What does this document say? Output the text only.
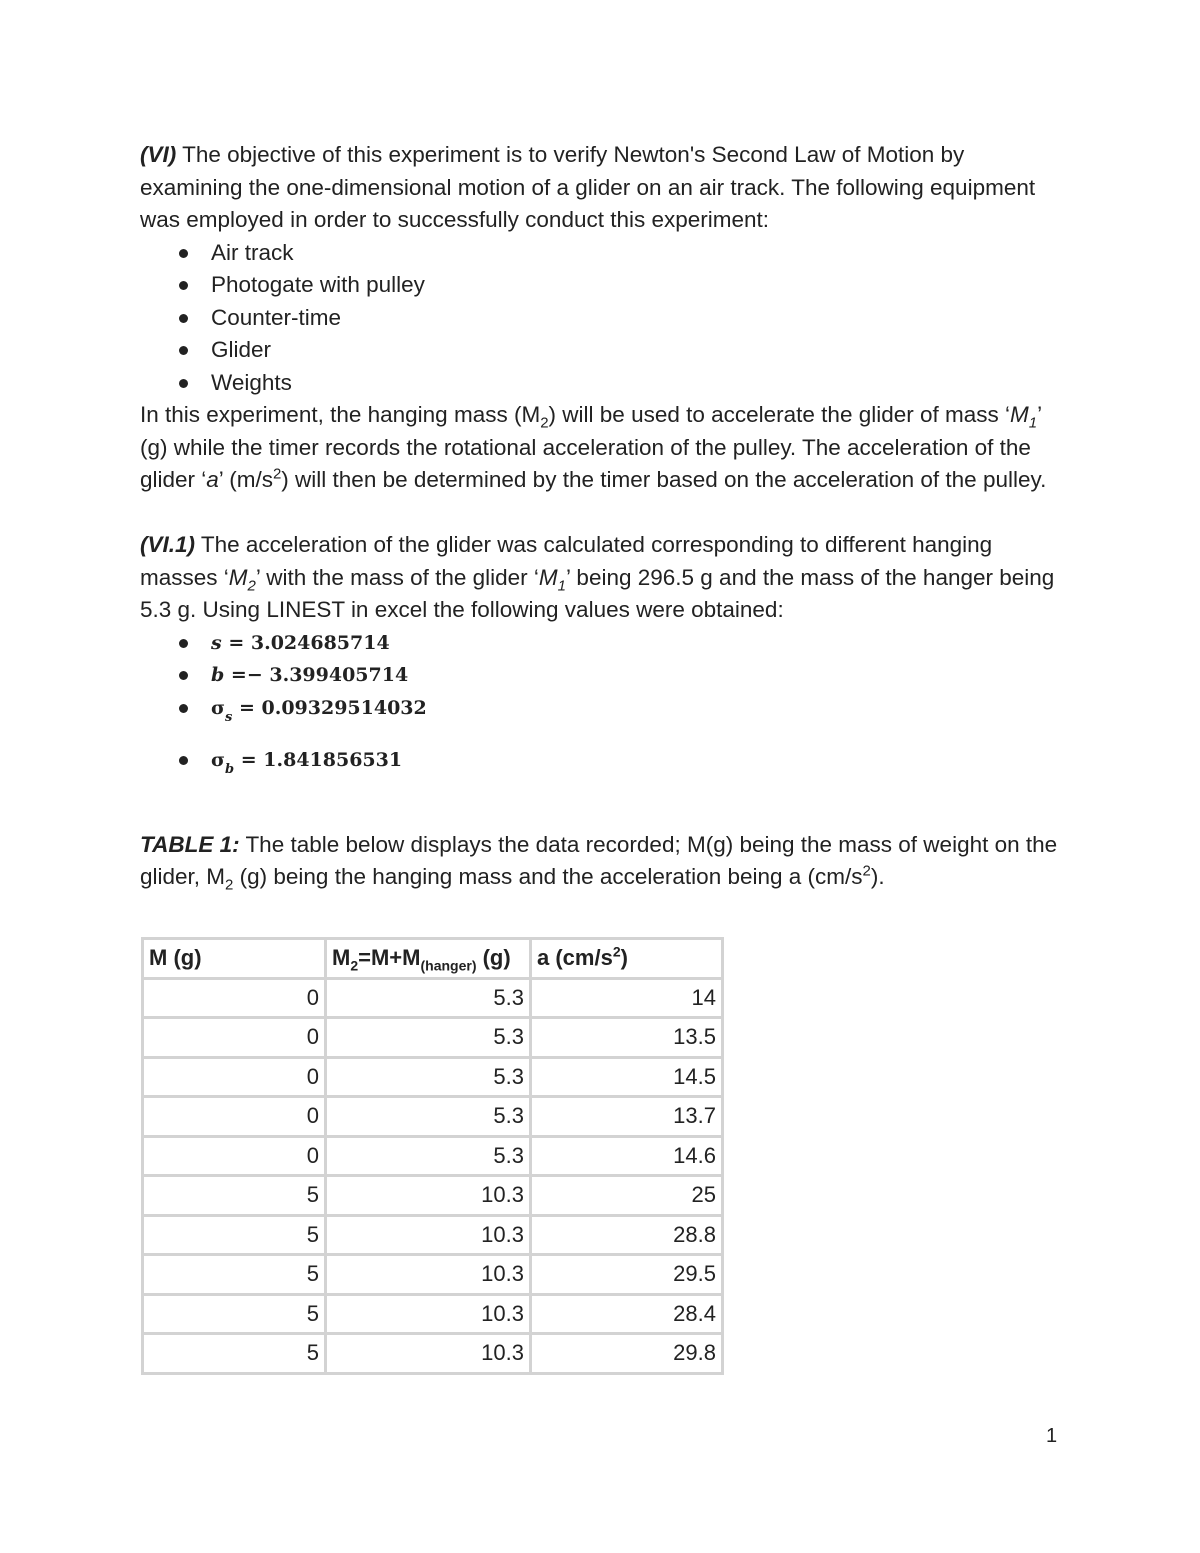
(VI) The objective of this experiment is to verify Newton's Second Law of Motion by examining the one-dimensional motion of a glider on an air track. The following equipment was employed in order to successfully conduct this experiment:

Air track
Photogate with pulley
Counter-time
Glider
Weights

In this experiment, the hanging mass $(M_2)$ will be used to accelerate the glider of mass ‘$M_1$’ (g) while the timer records the rotational acceleration of the pulley. The acceleration of the glider ‘a’ $(m/s^2)$ will then be determined by the timer based on the acceleration of the pulley.

(VI.1) The acceleration of the glider was calculated corresponding to different hanging masses ‘$M_2$’ with the mass of the glider ‘$M_1$’ being 296.5 g and the mass of the hanger being 5.3 g. Using LINEST in excel the following values were obtained:

s = 3.024685714
b =− 3.399405714
$\sigma_s = 0.09329514032$
$\sigma_b = 1.841856531$

TABLE 1: The table below displays the data recorded; M(g) being the mass of weight on the glider, $M_2$ (g) being the hanging mass and the acceleration being a $(cm/s^2)$.

M (g)	$M_2=M+M_{(hanger)}$ (g)	a $(cm/s^2)$
0	5.3	14
0	5.3	13.5
0	5.3	14.5
0	5.3	13.7
0	5.3	14.6
5	10.3	25
5	10.3	28.8
5	10.3	29.5
5	10.3	28.4
5	10.3	29.8
1
